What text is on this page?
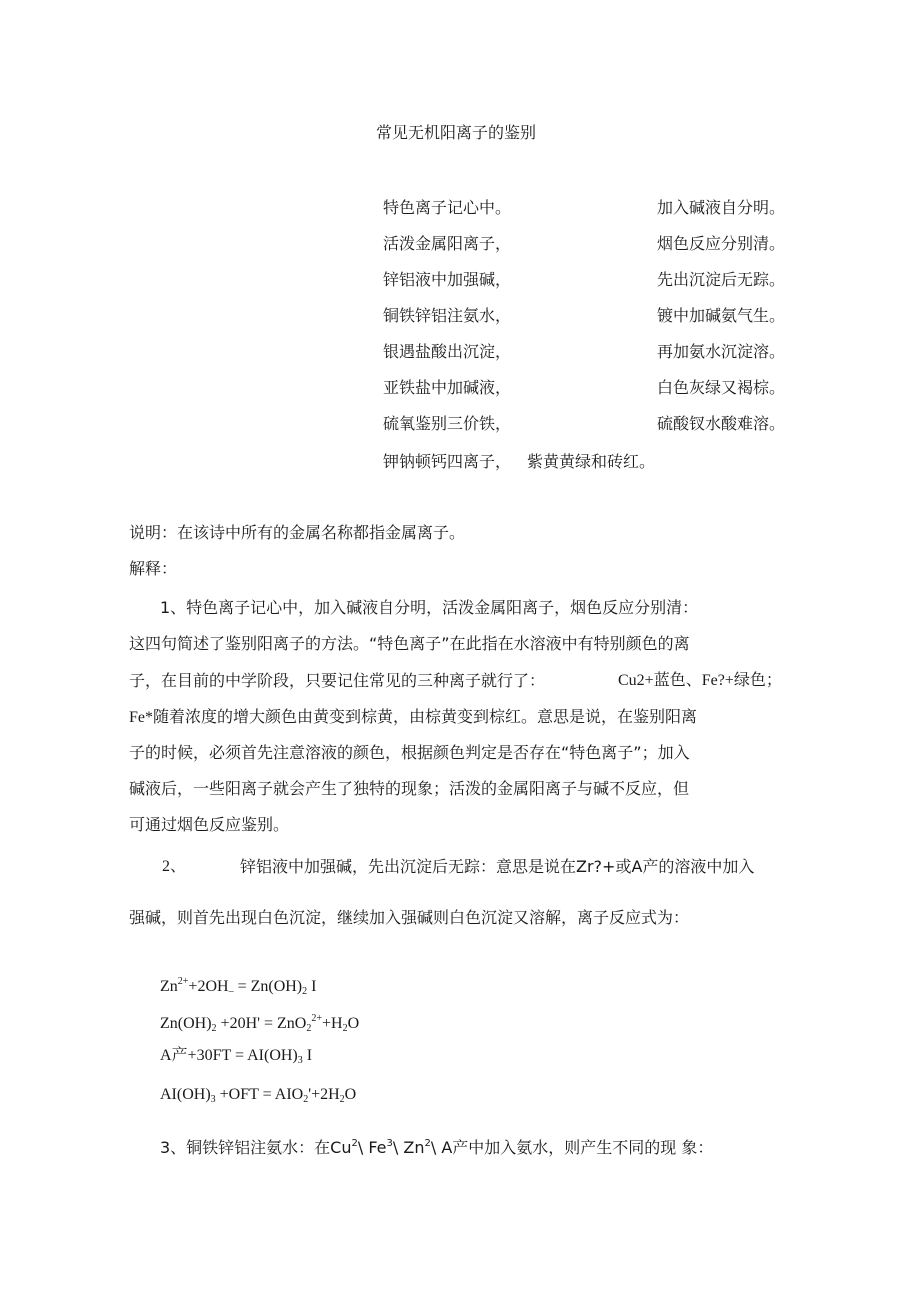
常见无机阳离子的鉴别
特色离子记心中。	加入碱液自分明。
活泼金属阳离子，	烟色反应分别清。
锌铝液中加强碱，	先出沉淀后无踪。
铜铁锌铝注氨水，	镀中加碱氨气生。
银遇盐酸出沉淀，	再加氨水沉淀溶。
亚铁盐中加碱液，	白色灰绿又褐棕。
硫氧鉴别三价铁，	硫酸钗水酸难溶。
钾钠顿钙四离子， 紫黄黄绿和砖红。
说明：在该诗中所有的金属名称都指金属离子。
解释：
1、特色离子记心中，加入碱液自分明，活泼金属阳离子，烟色反应分别清：
这四句简述了鉴别阳离子的方法。“特色离子”在此指在水溶液中有特别颜色的离
子，在目前的中学阶段，只要记住常见的三种离子就行了：	Cu2+蓝色、Fe?+绿色；
Fe*随着浓度的增大颜色由黄变到棕黄，由棕黄变到棕红。意思是说，在鉴别阳离
子的时候，必须首先注意溶液的颜色，根据颜色判定是否存在“特色离子”；加入
碱液后，一些阳离子就会产生了独特的现象；活泼的金属阳离子与碱不反应，但
可通过烟色反应鉴别。
2、	锌铝液中加强碱，先出沉淀后无踪：意思是说在Zr?+或A产的溶液中加入
强碱，则首先出现白色沉淀，继续加入强碱则白色沉淀又溶解，离子反应式为：
$Zn^{2+}+2OH_- = Zn(OH)_2$ I
$Zn(OH)_2 +20H' = ZnO_2^{2+}+H_2O$
A产$+30FT = AI(OH)_3$ I
$AI(OH)_3 +OFT = AIO_2'+2H_2O$
3、铜铁锌铝注氨水：在Cu$^2$\ Fe$^3$\ Zn$^2$\ A产中加入氨水，则产生不同的现 象：
